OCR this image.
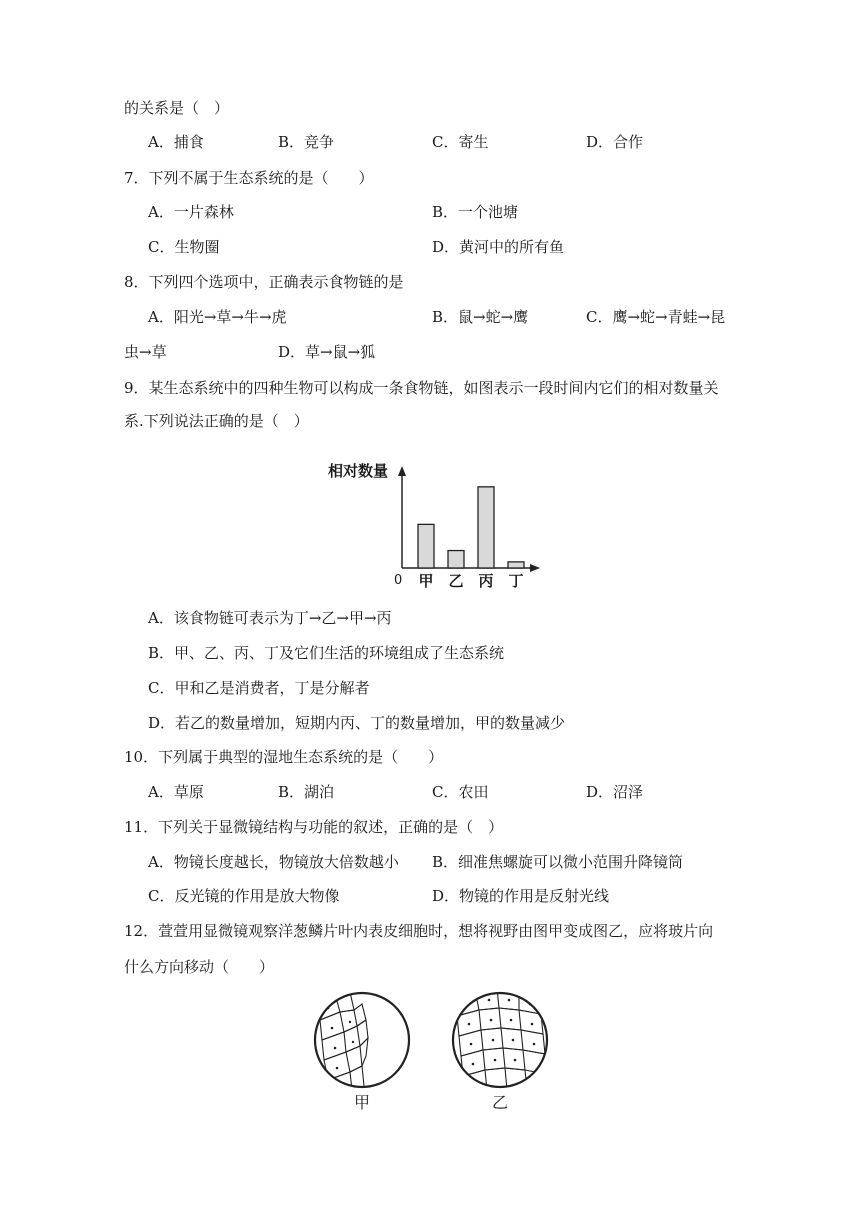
的关系是（　）
A．捕食	B．竞争	C．寄生	D．合作
7．下列不属于生态系统的是（　　）
A．一片森林	B．一个池塘
C．生物圈	D．黄河中的所有鱼
8．下列四个选项中，正确表示食物链的是
A．阳光→草→牛→虎	B．鼠→蛇→鹰	C．鹰→蛇→青蛙→昆
虫→草	D．草→鼠→狐
9．某生态系统中的四种生物可以构成一条食物链，如图表示一段时间内它们的相对数量关
系.下列说法正确的是（　）
相对数量
0 甲 乙 丙 丁
A．该食物链可表示为丁→乙→甲→丙
B．甲、乙、丙、丁及它们生活的环境组成了生态系统
C．甲和乙是消费者，丁是分解者
D．若乙的数量增加，短期内丙、丁的数量增加，甲的数量减少
10．下列属于典型的湿地生态系统的是（　　）
A．草原	B．湖泊	C．农田	D．沼泽
11．下列关于显微镜结构与功能的叙述，正确的是（　）
A．物镜长度越长，物镜放大倍数越小 B．细准焦螺旋可以微小范围升降镜筒
C．反光镜的作用是放大物像	D．物镜的作用是反射光线
12．萱萱用显微镜观察洋葱鳞片叶内表皮细胞时，想将视野由图甲变成图乙，应将玻片向
什么方向移动（　　）
甲	乙
